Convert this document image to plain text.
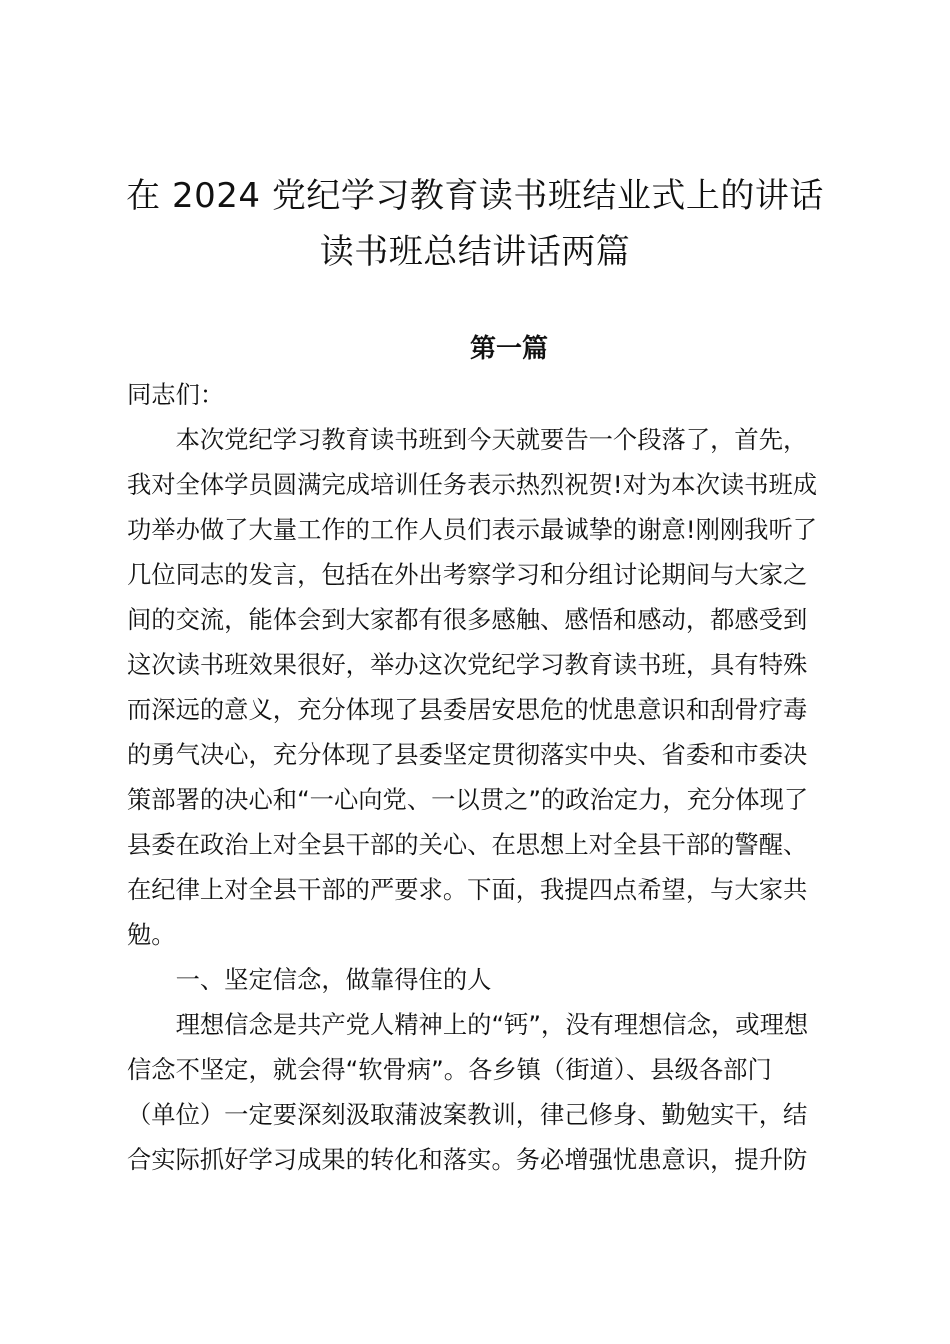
在 2024 党纪学习教育读书班结业式上的讲话
读书班总结讲话两篇
第一篇

同志们：

本次党纪学习教育读书班到今天就要告一个段落了，首先，
我对全体学员圆满完成培训任务表示热烈祝贺!对为本次读书班成
功举办做了大量工作的工作人员们表示最诚挚的谢意!刚刚我听了
几位同志的发言，包括在外出考察学习和分组讨论期间与大家之
间的交流，能体会到大家都有很多感触、感悟和感动，都感受到
这次读书班效果很好，举办这次党纪学习教育读书班，具有特殊
而深远的意义，充分体现了县委居安思危的忧患意识和刮骨疗毒
的勇气决心，充分体现了县委坚定贯彻落实中央、省委和市委决
策部署的决心和“一心向党、一以贯之”的政治定力，充分体现了
县委在政治上对全县干部的关心、在思想上对全县干部的警醒、
在纪律上对全县干部的严要求。下面，我提四点希望，与大家共
勉。

一、坚定信念，做靠得住的人

理想信念是共产党人精神上的“钙”，没有理想信念，或理想
信念不坚定，就会得“软骨病”。各乡镇（街道）、县级各部门
（单位）一定要深刻汲取蒲波案教训，律己修身、勤勉实干，结
合实际抓好学习成果的转化和落实。务必增强忧患意识，提升防
